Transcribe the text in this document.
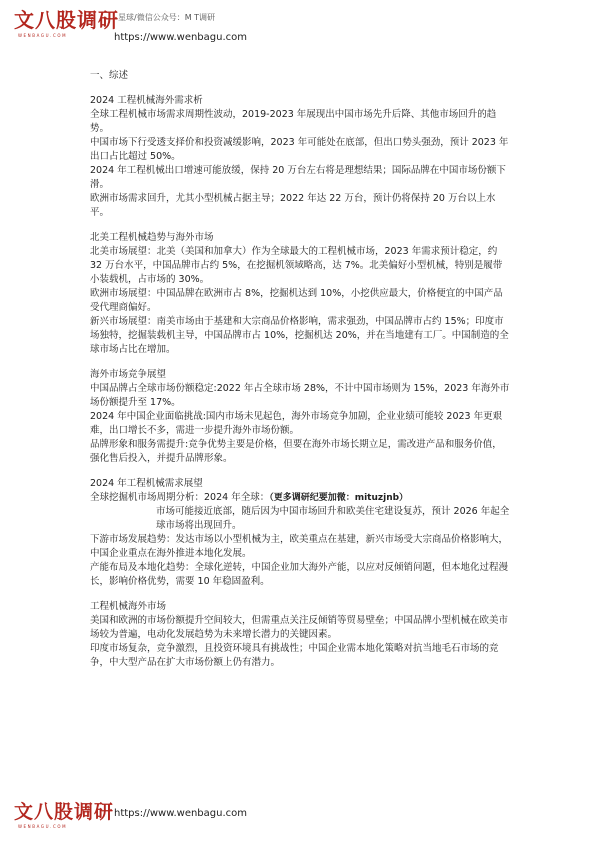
文八股调研
WENBAGU.COM
星球/微信公众号：M T调研
https://www.wenbagu.com
一、综述
2024 工程机械海外需求析

全球工程机械市场需求周期性波动，2019-2023 年展现出中国市场先升后降、其他市场回升的趋势。

中国市场下行受透支择价和投资减缓影响，2023 年可能处在底部，但出口势头强劲，预计 2023 年出口占比超过 50%。

2024 年工程机械出口增速可能放缓，保持 20 万台左右将是理想结果；国际品牌在中国市场份额下滑。

欧洲市场需求回升，尤其小型机械占据主导；2022 年达 22 万台，预计仍将保持 20 万台以上水平。

北美工程机械趋势与海外市场

北美市场展望：北美（美国和加拿大）作为全球最大的工程机械市场，2023 年需求预计稳定，约 32 万台水平，中国品牌市占约 5%，在挖掘机领域略高，达 7%。北美偏好小型机械，特别是履带小装载机，占市场的 30%。

欧洲市场展望：中国品牌在欧洲市占 8%，挖掘机达到 10%，小挖供应最大，价格便宜的中国产品受代理商偏好。

新兴市场展望：南美市场由于基建和大宗商品价格影响，需求强劲，中国品牌市占约 15%；印度市场独特，挖掘装载机主导，中国品牌市占 10%，挖掘机达 20%，并在当地建有工厂。中国制造的全球市场占比在增加。

海外市场竞争展望

中国品牌占全球市场份额稳定:2022 年占全球市场 28%，不计中国市场则为 15%，2023 年海外市场份额提升至 17%。

2024 年中国企业面临挑战:国内市场未见起色，海外市场竞争加剧，企业业绩可能较 2023 年更艰难，出口增长不多，需进一步提升海外市场份额。

品牌形象和服务需提升:竞争优势主要是价格，但要在海外市场长期立足，需改进产品和服务价值，强化售后投入，并提升品牌形象。

2024 年工程机械需求展望

全球挖掘机市场周期分析：2024 年全球：（更多调研纪要加微：mituzjnb）

市场可能接近底部，随后因为中国市场回升和欧美住宅建设复苏，预计 2026 年起全球市场将出现回升。

下游市场发展趋势：发达市场以小型机械为主，欧美重点在基建，新兴市场受大宗商品价格影响大，中国企业重点在海外推进本地化发展。

产能布局及本地化趋势：全球化逆转，中国企业加大海外产能，以应对反倾销问题，但本地化过程漫长，影响价格优势，需要 10 年稳固盈利。

工程机械海外市场

美国和欧洲的市场份额提升空间较大，但需重点关注反倾销等贸易壁垒；中国品牌小型机械在欧美市场较为普遍，电动化发展趋势为未来增长潜力的关键因素。

印度市场复杂，竞争激烈，且投资环境具有挑战性；中国企业需本地化策略对抗当地毛石市场的竞争，中大型产品在扩大市场份额上仍有潜力。

文八股调研
WENBAGU.COM
https://www.wenbagu.com
